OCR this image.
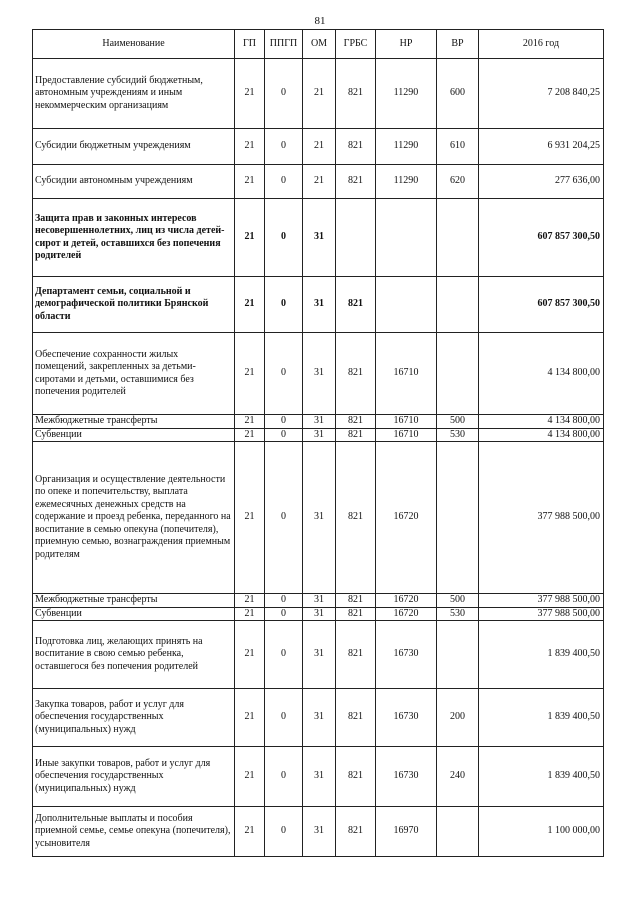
81
Наименование	ГП	ППГП	ОМ	ГРБС	НР	ВР	2016 год
Предоставление субсидий бюджетным, автономным учреждениям и иным некоммерческим организациям	21	0	21	821	11290	600	7 208 840,25
Субсидии бюджетным учреждениям	21	0	21	821	11290	610	6 931 204,25
Субсидии автономным учреждениям	21	0	21	821	11290	620	277 636,00
Защита прав и законных интересов несовершеннолетних, лиц из числа детей-сирот и детей, оставшихся без попечения родителей	21	0	31				607 857 300,50
Департамент семьи, социальной и демографической политики Брянской области	21	0	31	821			607 857 300,50
Обеспечение сохранности жилых помещений, закрепленных за детьми-сиротами и детьми, оставшимися без попечения родителей	21	0	31	821	16710		4 134 800,00
Межбюджетные трансферты	21	0	31	821	16710	500	4 134 800,00
Субвенции	21	0	31	821	16710	530	4 134 800,00
Организация и осуществление деятельности по опеке и попечительству, выплата ежемесячных денежных средств на содержание и проезд ребенка, переданного на воспитание в семью опекуна (попечителя), приемную семью, вознаграждения приемным родителям	21	0	31	821	16720		377 988 500,00
Межбюджетные трансферты	21	0	31	821	16720	500	377 988 500,00
Субвенции	21	0	31	821	16720	530	377 988 500,00
Подготовка лиц, желающих принять на воспитание в свою семью ребенка, оставшегося без попечения родителей	21	0	31	821	16730		1 839 400,50
Закупка товаров, работ и услуг для обеспечения государственных (муниципальных) нужд	21	0	31	821	16730	200	1 839 400,50
Иные закупки товаров, работ и услуг для обеспечения государственных (муниципальных) нужд	21	0	31	821	16730	240	1 839 400,50
Дополнительные выплаты и пособия приемной семье, семье опекуна (попечителя), усыновителя	21	0	31	821	16970		1 100 000,00
